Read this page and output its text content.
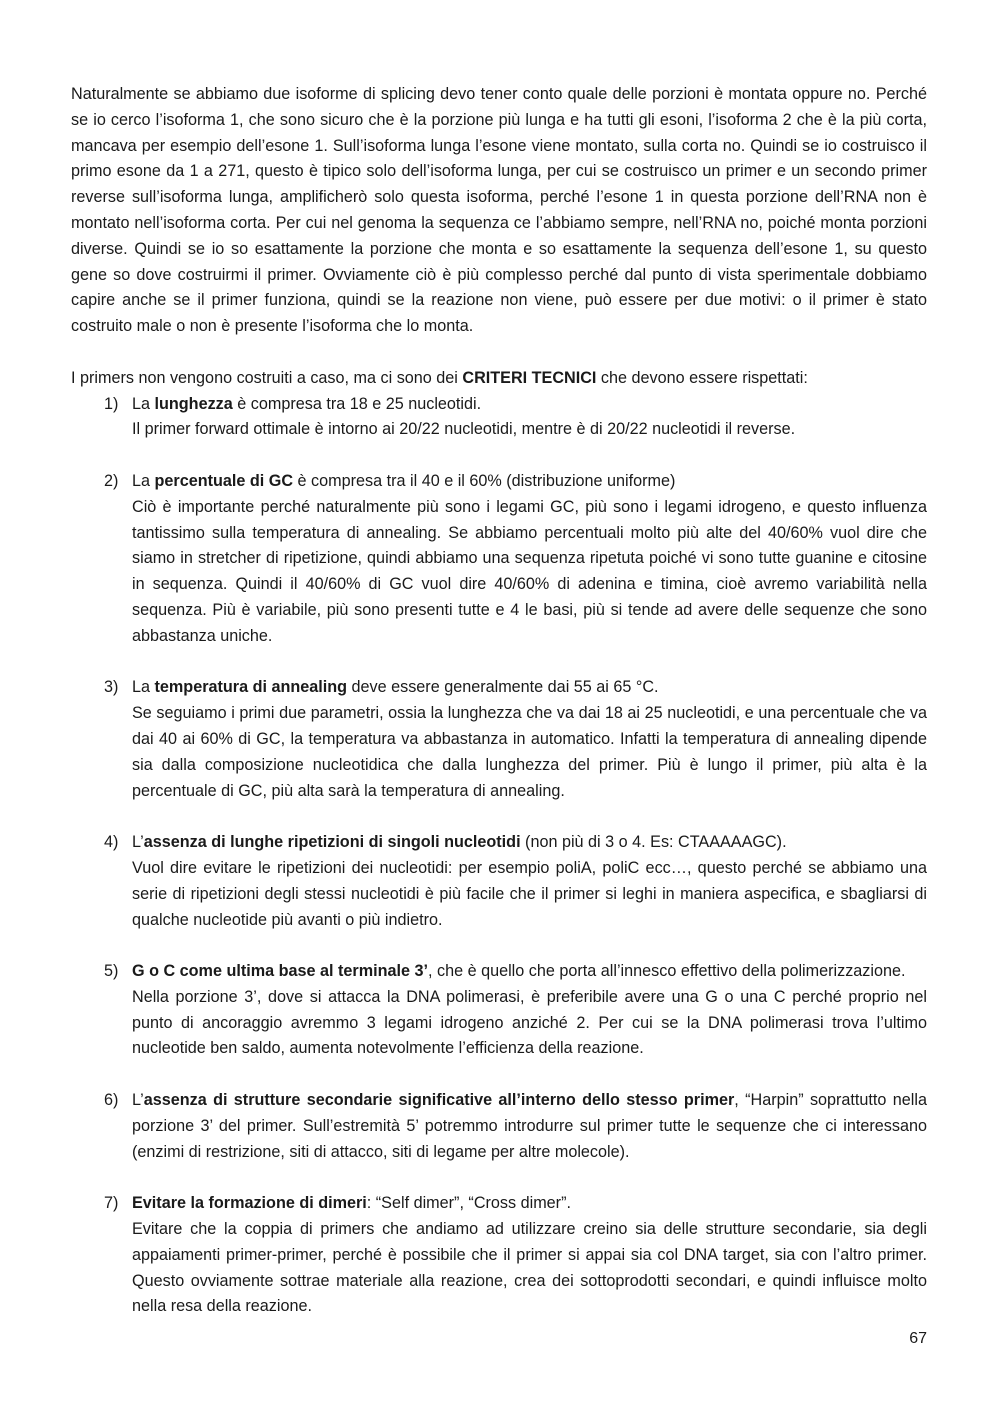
Naturalmente se abbiamo due isoforme di splicing devo tener conto quale delle porzioni è montata oppure no. Perché se io cerco l’isoforma 1, che sono sicuro che è la porzione più lunga e ha tutti gli esoni, l’isoforma 2 che è la più corta, mancava per esempio dell’esone 1. Sull’isoforma lunga l’esone viene montato, sulla corta no. Quindi se io costruisco il primo esone da 1 a 271, questo è tipico solo dell’isoforma lunga, per cui se costruisco un primer e un secondo primer reverse sull’isoforma lunga, amplificherò solo questa isoforma, perché l’esone 1 in questa porzione dell’RNA non è montato nell’isoforma corta. Per cui nel genoma la sequenza ce l’abbiamo sempre, nell’RNA no, poiché monta porzioni diverse. Quindi se io so esattamente la porzione che monta e so esattamente la sequenza dell’esone 1, su questo gene so dove costruirmi il primer. Ovviamente ciò è più complesso perché dal punto di vista sperimentale dobbiamo capire anche se il primer funziona, quindi se la reazione non viene, può essere per due motivi: o il primer è stato costruito male o non è presente l’isoforma che lo monta.

I primers non vengono costruiti a caso, ma ci sono dei CRITERI TECNICI che devono essere rispettati:

1) La lunghezza è compresa tra 18 e 25 nucleotidi.
Il primer forward ottimale è intorno ai 20/22 nucleotidi, mentre è di 20/22 nucleotidi il reverse.
2) La percentuale di GC è compresa tra il 40 e il 60% (distribuzione uniforme)
Ciò è importante perché naturalmente più sono i legami GC, più sono i legami idrogeno, e questo influenza tantissimo sulla temperatura di annealing. Se abbiamo percentuali molto più alte del 40/60% vuol dire che siamo in stretcher di ripetizione, quindi abbiamo una sequenza ripetuta poiché vi sono tutte guanine e citosine in sequenza. Quindi il 40/60% di GC vuol dire 40/60% di adenina e timina, cioè avremo variabilità nella sequenza. Più è variabile, più sono presenti tutte e 4 le basi, più si tende ad avere delle sequenze che sono abbastanza uniche.
3) La temperatura di annealing deve essere generalmente dai 55 ai 65 °C.
Se seguiamo i primi due parametri, ossia la lunghezza che va dai 18 ai 25 nucleotidi, e una percentuale che va dai 40 ai 60% di GC, la temperatura va abbastanza in automatico. Infatti la temperatura di annealing dipende sia dalla composizione nucleotidica che dalla lunghezza del primer. Più è lungo il primer, più alta è la percentuale di GC, più alta sarà la temperatura di annealing.
4) L’assenza di lunghe ripetizioni di singoli nucleotidi (non più di 3 o 4. Es: CTAAAAAGC).
Vuol dire evitare le ripetizioni dei nucleotidi: per esempio poliA, poliC ecc…, questo perché se abbiamo una serie di ripetizioni degli stessi nucleotidi è più facile che il primer si leghi in maniera aspecifica, e sbagliarsi di qualche nucleotide più avanti o più indietro.
5) G o C come ultima base al terminale 3’, che è quello che porta all’innesco effettivo della polimerizzazione.
Nella porzione 3’, dove si attacca la DNA polimerasi, è preferibile avere una G o una C perché proprio nel punto di ancoraggio avremmo 3 legami idrogeno anziché 2. Per cui se la DNA polimerasi trova l’ultimo nucleotide ben saldo, aumenta notevolmente l’efficienza della reazione.
6) L’assenza di strutture secondarie significative all’interno dello stesso primer, “Harpin” soprattutto nella porzione 3’ del primer. Sull’estremità 5’ potremmo introdurre sul primer tutte le sequenze che ci interessano (enzimi di restrizione, siti di attacco, siti di legame per altre molecole).
7) Evitare la formazione di dimeri: “Self dimer”, “Cross dimer”.
Evitare che la coppia di primers che andiamo ad utilizzare creino sia delle strutture secondarie, sia degli appaiamenti primer-primer, perché è possibile che il primer si appai sia col DNA target, sia con l’altro primer. Questo ovviamente sottrae materiale alla reazione, crea dei sottoprodotti secondari, e quindi influisce molto nella resa della reazione.
67
